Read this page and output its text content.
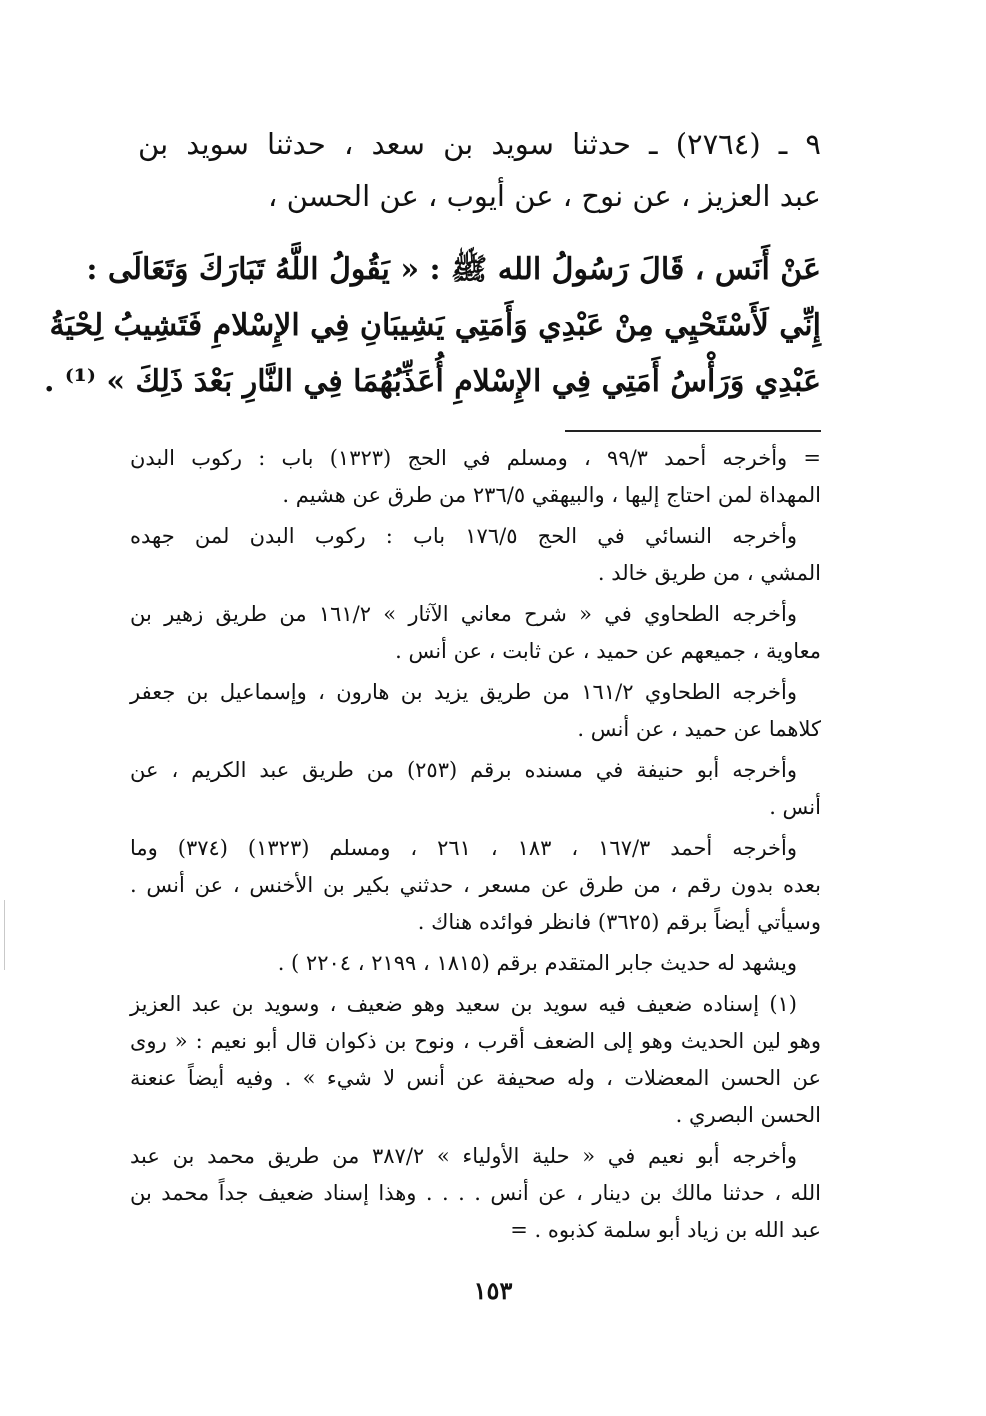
٩ ـ (٢٧٦٤) ـ حدثنا سويد بن سعد ، حدثنا سويد بن
عبد العزيز ، عن نوح ، عن أيوب ، عن الحسن ،
عَنْ أَنَس ، قَالَ رَسُولُ الله ﷺ : « يَقُولُ اللَّهُ تَبَارَكَ وَتَعَالَى :
إِنِّي لَأَسْتَحْيِي مِنْ عَبْدِي وَأَمَتِي يَشِيبَانِ فِي الإِسْلامِ فَتَشِيبُ لِحْيَةُ
عَبْدِي وَرَأْسُ أَمَتِي فِي الإِسْلامِ أُعَذِّبُهُمَا فِي النَّارِ بَعْدَ ذَلِكَ » ⁽¹⁾ .
= وأخرجه أحمد ٩٩/٣ ، ومسلم في الحج (١٣٢٣) باب : ركوب البدن
المهداة لمن احتاج إليها ، والبيهقي ٢٣٦/٥ من طرق عن هشيم .
وأخرجه النسائي في الحج ١٧٦/٥ باب : ركوب البدن لمن جهده
المشي ، من طريق خالد .
وأخرجه الطحاوي في « شرح معاني الآثار » ١٦١/٢ من طريق زهير بن
معاوية ، جميعهم عن حميد ، عن ثابت ، عن أنس .
وأخرجه الطحاوي ١٦١/٢ من طريق يزيد بن هارون ، وإسماعيل بن جعفر
كلاهما عن حميد ، عن أنس .
وأخرجه أبو حنيفة في مسنده برقم (٢٥٣) من طريق عبد الكريم ، عن
أنس .
وأخرجه أحمد ١٦٧/٣ ، ١٨٣ ، ٢٦١ ، ومسلم (١٣٢٣) (٣٧٤) وما
بعده بدون رقم ، من طرق عن مسعر ، حدثني بكير بن الأخنس ، عن أنس .
وسيأتي أيضاً برقم (٣٦٢٥) فانظر فوائده هناك .
ويشهد له حديث جابر المتقدم برقم (١٨١٥ ، ٢١٩٩ ، ٢٢٠٤ ) .
(١) إسناده ضعيف فيه سويد بن سعيد وهو ضعيف ، وسويد بن عبد العزيز
وهو لين الحديث وهو إلى الضعف أقرب ، ونوح بن ذكوان قال أبو نعيم : « روى
عن الحسن المعضلات ، وله صحيفة عن أنس لا شيء » . وفيه أيضاً عنعنة
الحسن البصري .
وأخرجه أبو نعيم في « حلية الأولياء » ٣٨٧/٢ من طريق محمد بن عبد
الله ، حدثنا مالك بن دينار ، عن أنس . . . . وهذا إسناد ضعيف جداً محمد بن
عبد الله بن زياد أبو سلمة كذبوه . =
١٥٣
